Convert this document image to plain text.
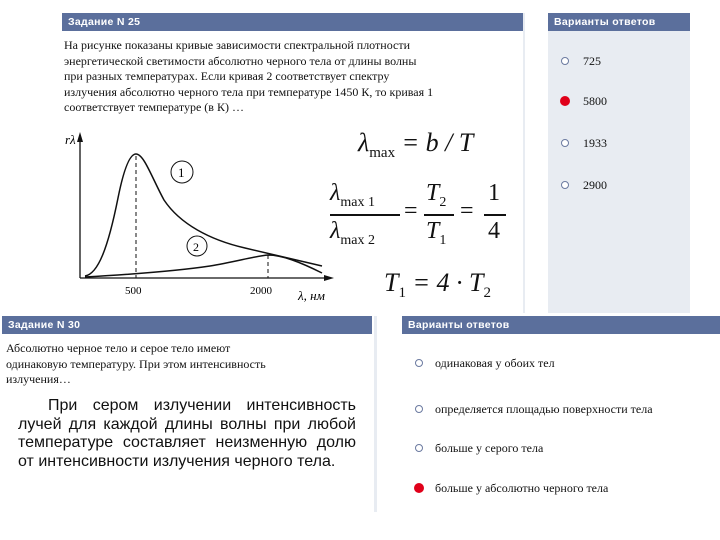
Задание N 25	Варианты ответов
На рисунке показаны кривые зависимости спектральной плотности
энергетической светимости абсолютно черного тела от длины волны
при разных температурах. Если кривая 2 соответствует спектру
излучения абсолютно черного тела при температуре 1450 К, то кривая 1
соответствует температуре (в К) …
725
5800
1933
2900
rλ
1
2
500	2000 λ, нм
$\lambda_{max} = b / T$
$\lambda_{max 1}$
$\lambda_{max 2}$
=
$T_2$
$T_1$
=
1
4
$T_1 = 4 \cdot T_2$
Задание N 30	Варианты ответов
Абсолютно черное тело и серое тело имеют
одинаковую температуру. При этом интенсивность
излучения…
При сером излучении интенсивность лучей для каждой длины волны при любой температуре составляет неизменную долю от интенсивности излучения черного тела.
одинаковая у обоих тел
определяется площадью поверхности тела
больше у серого тела
больше у абсолютно черного тела
